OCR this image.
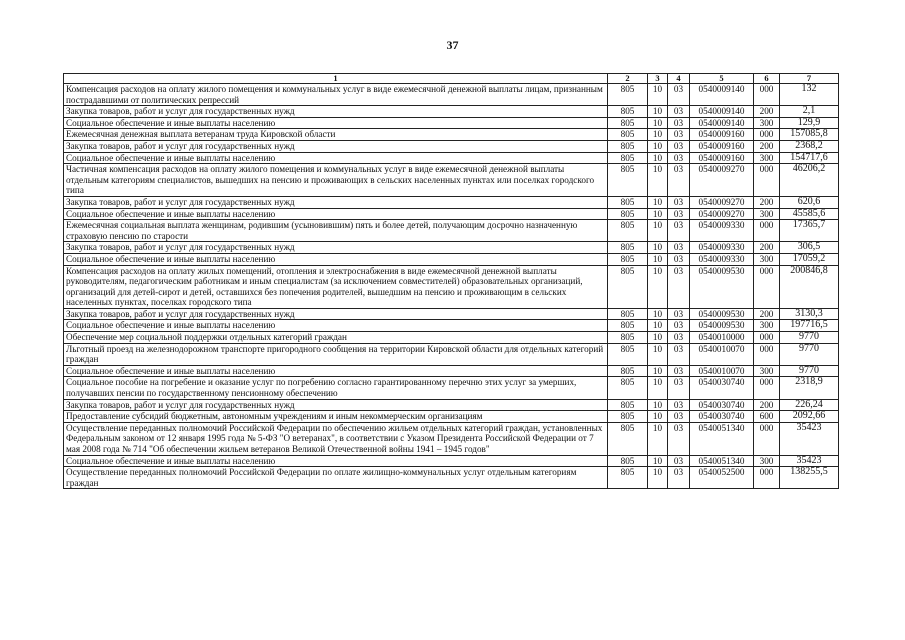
37
1	2	3	4	5	6	7
Компенсация расходов на оплату жилого помещения и коммунальных услуг в виде ежемесячной денежной выплаты лицам, признанным пострадавшими от политических репрессий	805	10	03	0540009140	000	132
Закупка товаров, работ и услуг для государственных нужд	805	10	03	0540009140	200	2,1
Социальное обеспечение и иные выплаты населению	805	10	03	0540009140	300	129,9
Ежемесячная денежная выплата ветеранам труда Кировской области	805	10	03	0540009160	000	157085,8
Закупка товаров, работ и услуг для государственных нужд	805	10	03	0540009160	200	2368,2
Социальное обеспечение и иные выплаты населению	805	10	03	0540009160	300	154717,6
Частичная компенсация расходов на оплату жилого помещения и коммунальных услуг в виде ежемесячной денежной выплаты отдельным категориям специалистов, вышедших на пенсию и проживающих в сельских населенных пунктах или поселках городского типа	805	10	03	0540009270	000	46206,2
Закупка товаров, работ и услуг для государственных нужд	805	10	03	0540009270	200	620,6
Социальное обеспечение и иные выплаты населению	805	10	03	0540009270	300	45585,6
Ежемесячная социальная выплата женщинам, родившим (усыновившим) пять и более детей, получающим досрочно назначенную страховую пенсию по старости	805	10	03	0540009330	000	17365,7
Закупка товаров, работ и услуг для государственных нужд	805	10	03	0540009330	200	306,5
Социальное обеспечение и иные выплаты населению	805	10	03	0540009330	300	17059,2
Компенсация расходов на оплату жилых помещений, отопления и электроснабжения в виде ежемесячной денежной выплаты руководителям, педагогическим работникам и иным специалистам (за исключением совместителей) образовательных организаций, организаций для детей-сирот и детей, оставшихся без попечения родителей, вышедшим на пенсию и проживающим в сельских населенных пунктах, поселках городского типа	805	10	03	0540009530	000	200846,8
Закупка товаров, работ и услуг для государственных нужд	805	10	03	0540009530	200	3130,3
Социальное обеспечение и иные выплаты населению	805	10	03	0540009530	300	197716,5
Обеспечение мер социальной поддержки отдельных категорий граждан	805	10	03	0540010000	000	9770
Льготный проезд на железнодорожном транспорте пригородного сообщения на территории Кировской области для отдельных категорий граждан	805	10	03	0540010070	000	9770
Социальное обеспечение и иные выплаты населению	805	10	03	0540010070	300	9770
Социальное пособие на погребение и оказание услуг по погребению согласно гарантированному перечню этих услуг за умерших, получавших пенсии по государственному пенсионному обеспечению	805	10	03	0540030740	000	2318,9
Закупка товаров, работ и услуг для государственных нужд	805	10	03	0540030740	200	226,24
Предоставление субсидий бюджетным, автономным учреждениям и иным некоммерческим организациям	805	10	03	0540030740	600	2092,66
Осуществление переданных полномочий Российской Федерации по обеспечению жильем отдельных категорий граждан, установленных Федеральным законом от 12 января 1995 года № 5-ФЗ "О ветеранах", в соответствии с Указом Президента Российской Федерации от 7 мая 2008 года № 714 "Об обеспечении жильем ветеранов Великой Отечественной войны 1941 – 1945 годов"	805	10	03	0540051340	000	35423
Социальное обеспечение и иные выплаты населению	805	10	03	0540051340	300	35423
Осуществление переданных полномочий Российской Федерации по оплате жилищно-коммунальных услуг отдельным категориям граждан	805	10	03	0540052500	000	138255,5
